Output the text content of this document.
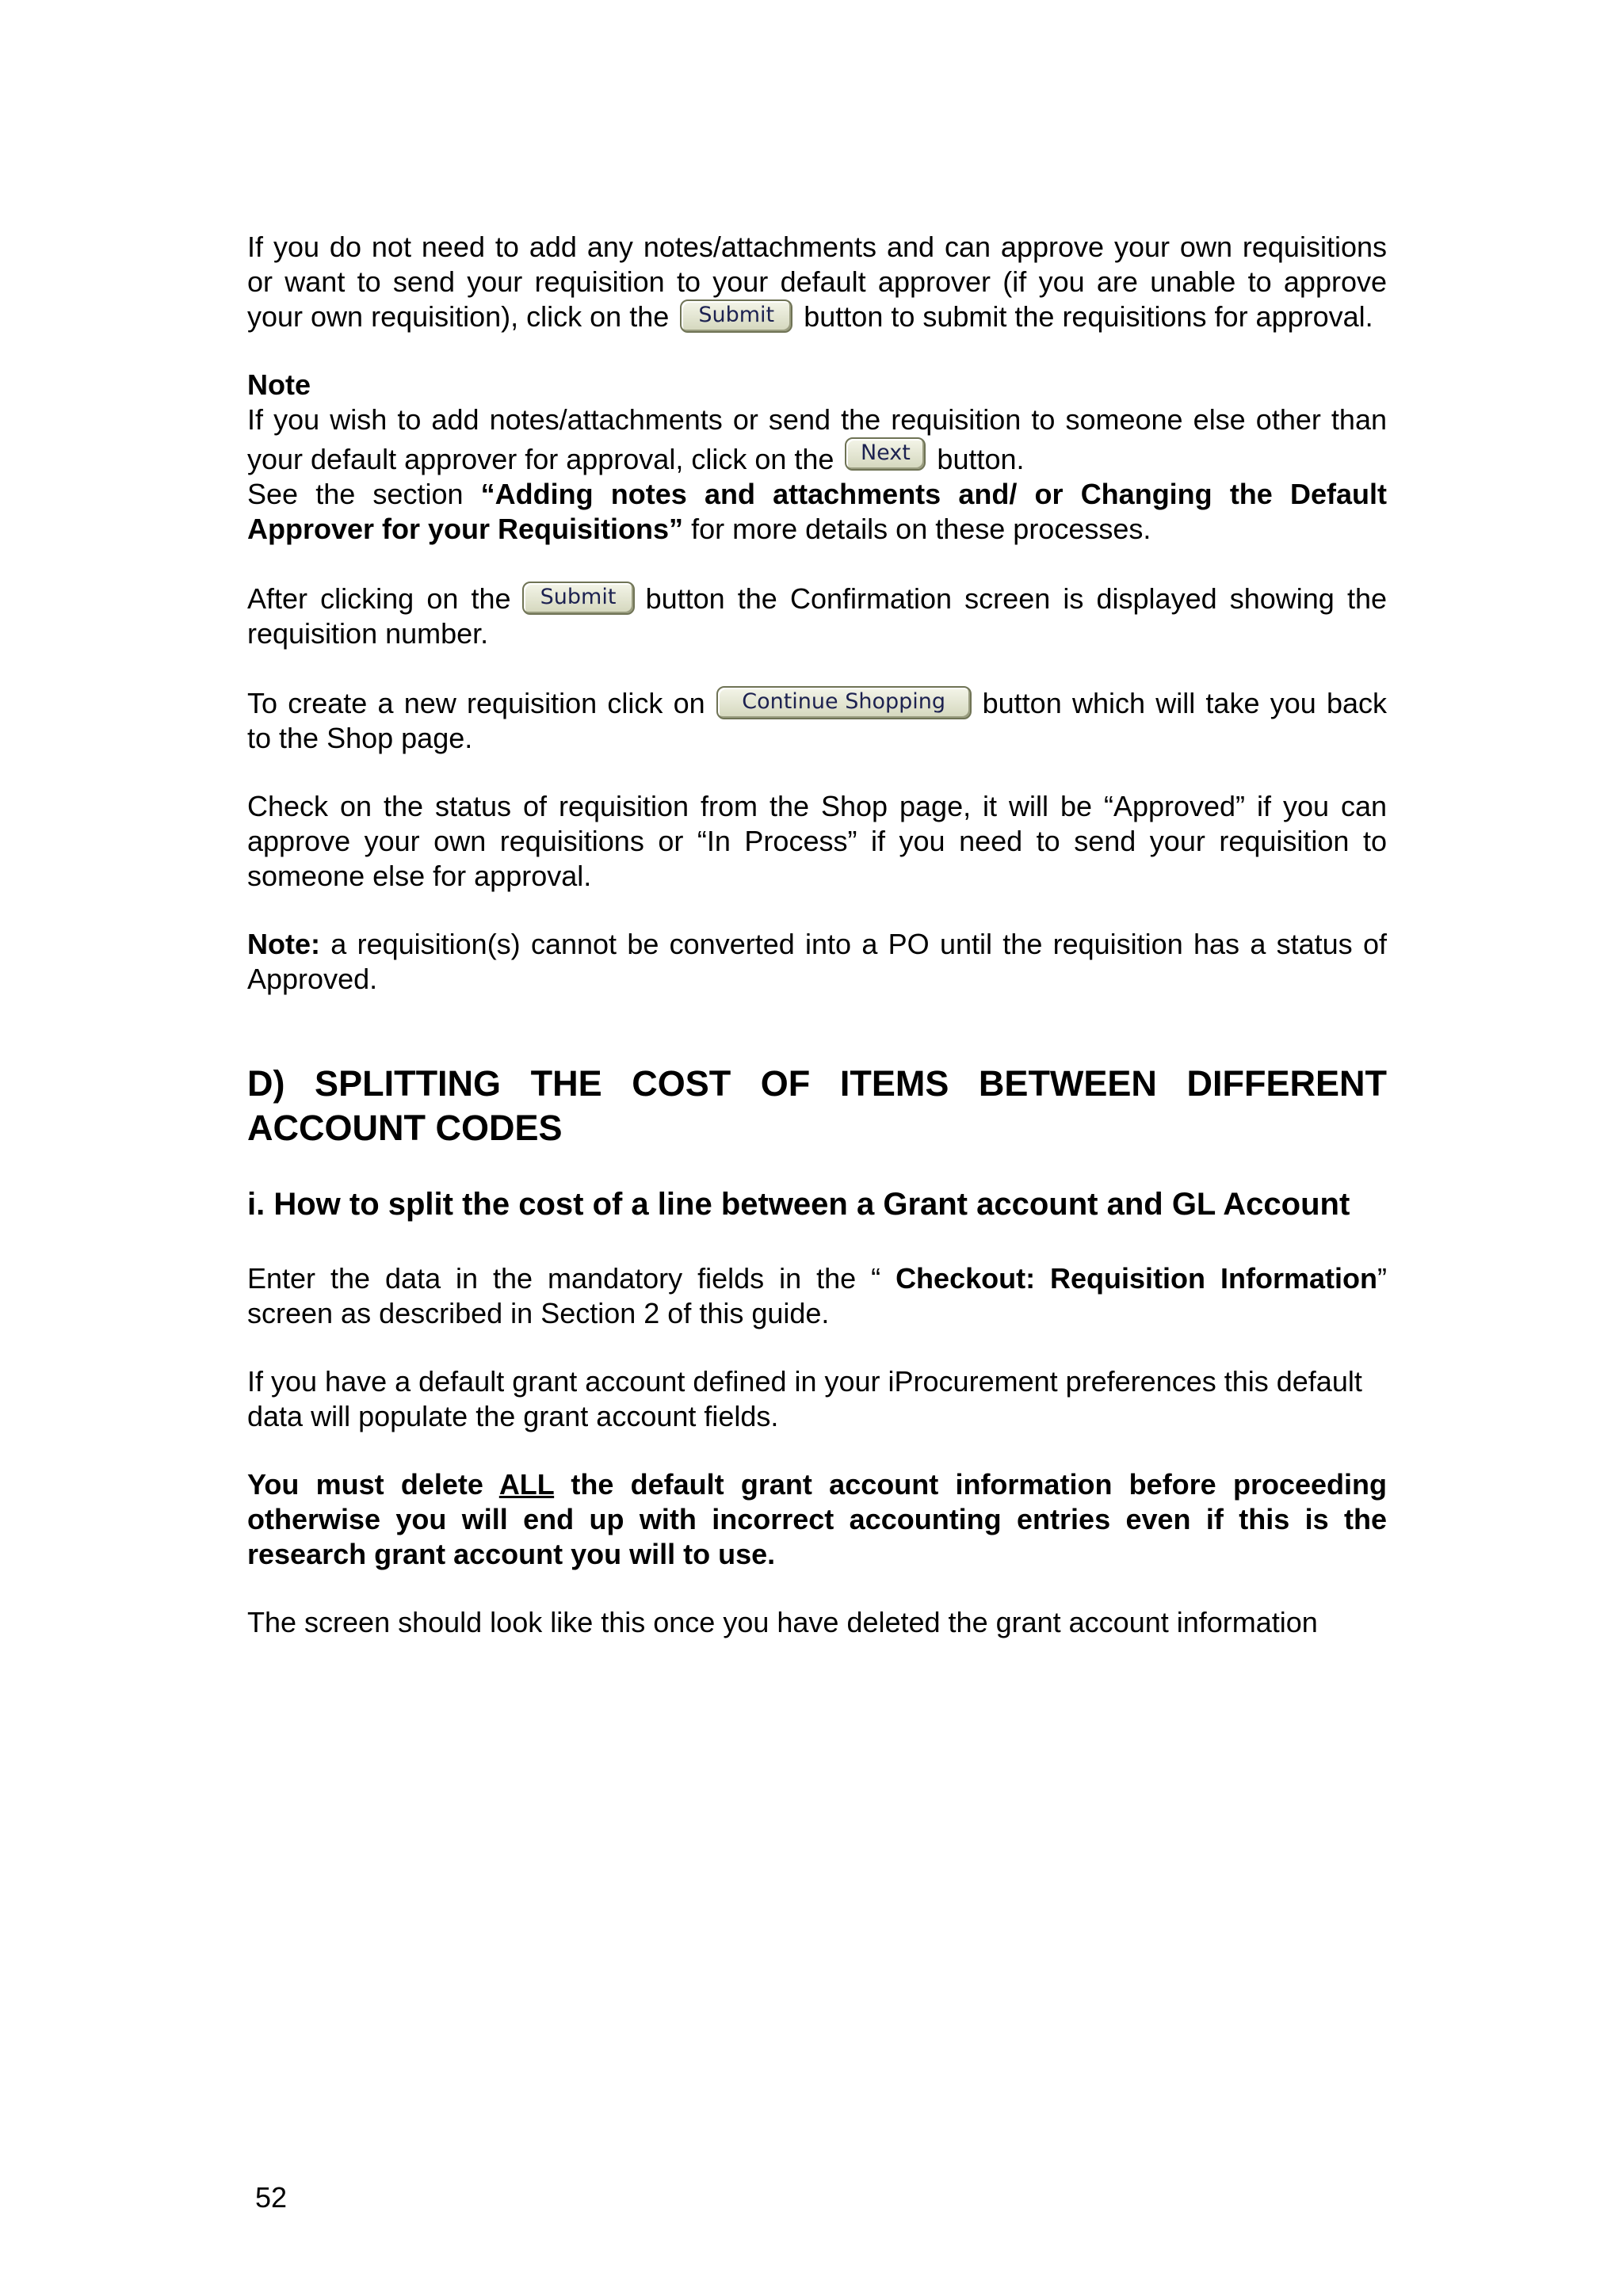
If you do not need to add any notes/attachments and can approve your own requisitions or want to send your requisition to your default approver (if you are unable to approve your own requisition), click on the Submit button to submit the requisitions for approval.

Note

If you wish to add notes/attachments or send the requisition to someone else other than your default approver for approval, click on the Next button.

See the section “Adding notes and attachments and/ or Changing the Default Approver for your Requisitions” for more details on these processes.

After clicking on the Submit button the Confirmation screen is displayed showing the requisition number.

To create a new requisition click on Continue Shopping button which will take you back to the Shop page.

Check on the status of requisition from the Shop page, it will be “Approved” if you can approve your own requisitions or “In Process” if you need to send your requisition to someone else for approval.

Note: a requisition(s) cannot be converted into a PO until the requisition has a status of Approved.

D) SPLITTING THE COST OF ITEMS BETWEEN DIFFERENT ACCOUNT CODES
i. How to split the cost of a line between a Grant account and GL Account

Enter the data in the mandatory fields in the “ Checkout: Requisition Information” screen as described in Section 2 of this guide.

If you have a default grant account defined in your iProcurement preferences this default data will populate the grant account fields.

You must delete ALL the default grant account information before proceeding otherwise you will end up with incorrect accounting entries even if this is the research grant account you will to use.

The screen should look like this once you have deleted the grant account information

52
